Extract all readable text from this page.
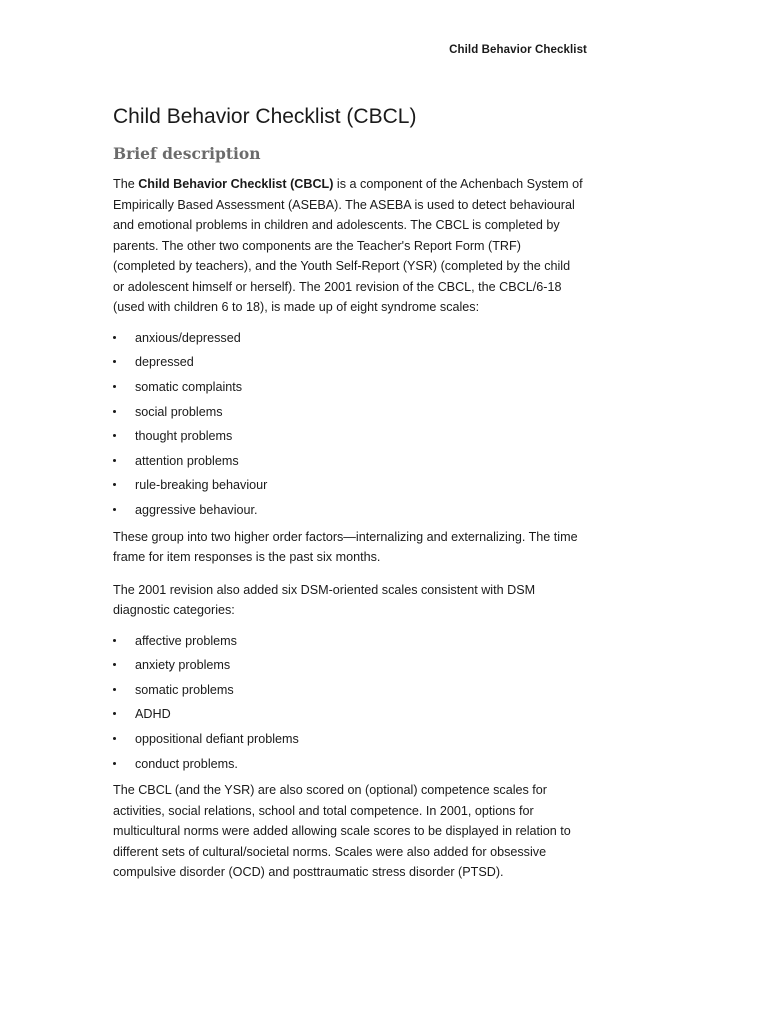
Child Behavior Checklist
Child Behavior Checklist (CBCL)
Brief description

The Child Behavior Checklist (CBCL) is a component of the Achenbach System of Empirically Based Assessment (ASEBA). The ASEBA is used to detect behavioural and emotional problems in children and adolescents. The CBCL is completed by parents. The other two components are the Teacher's Report Form (TRF) (completed by teachers), and the Youth Self-Report (YSR) (completed by the child or adolescent himself or herself). The 2001 revision of the CBCL, the CBCL/6-18 (used with children 6 to 18), is made up of eight syndrome scales:

anxious/depressed
depressed
somatic complaints
social problems
thought problems
attention problems
rule-breaking behaviour
aggressive behaviour.

These group into two higher order factors—internalizing and externalizing. The time frame for item responses is the past six months.

The 2001 revision also added six DSM-oriented scales consistent with DSM diagnostic categories:

affective problems
anxiety problems
somatic problems
ADHD
oppositional defiant problems
conduct problems.

The CBCL (and the YSR) are also scored on (optional) competence scales for activities, social relations, school and total competence. In 2001, options for multicultural norms were added allowing scale scores to be displayed in relation to different sets of cultural/societal norms. Scales were also added for obsessive compulsive disorder (OCD) and posttraumatic stress disorder (PTSD).
